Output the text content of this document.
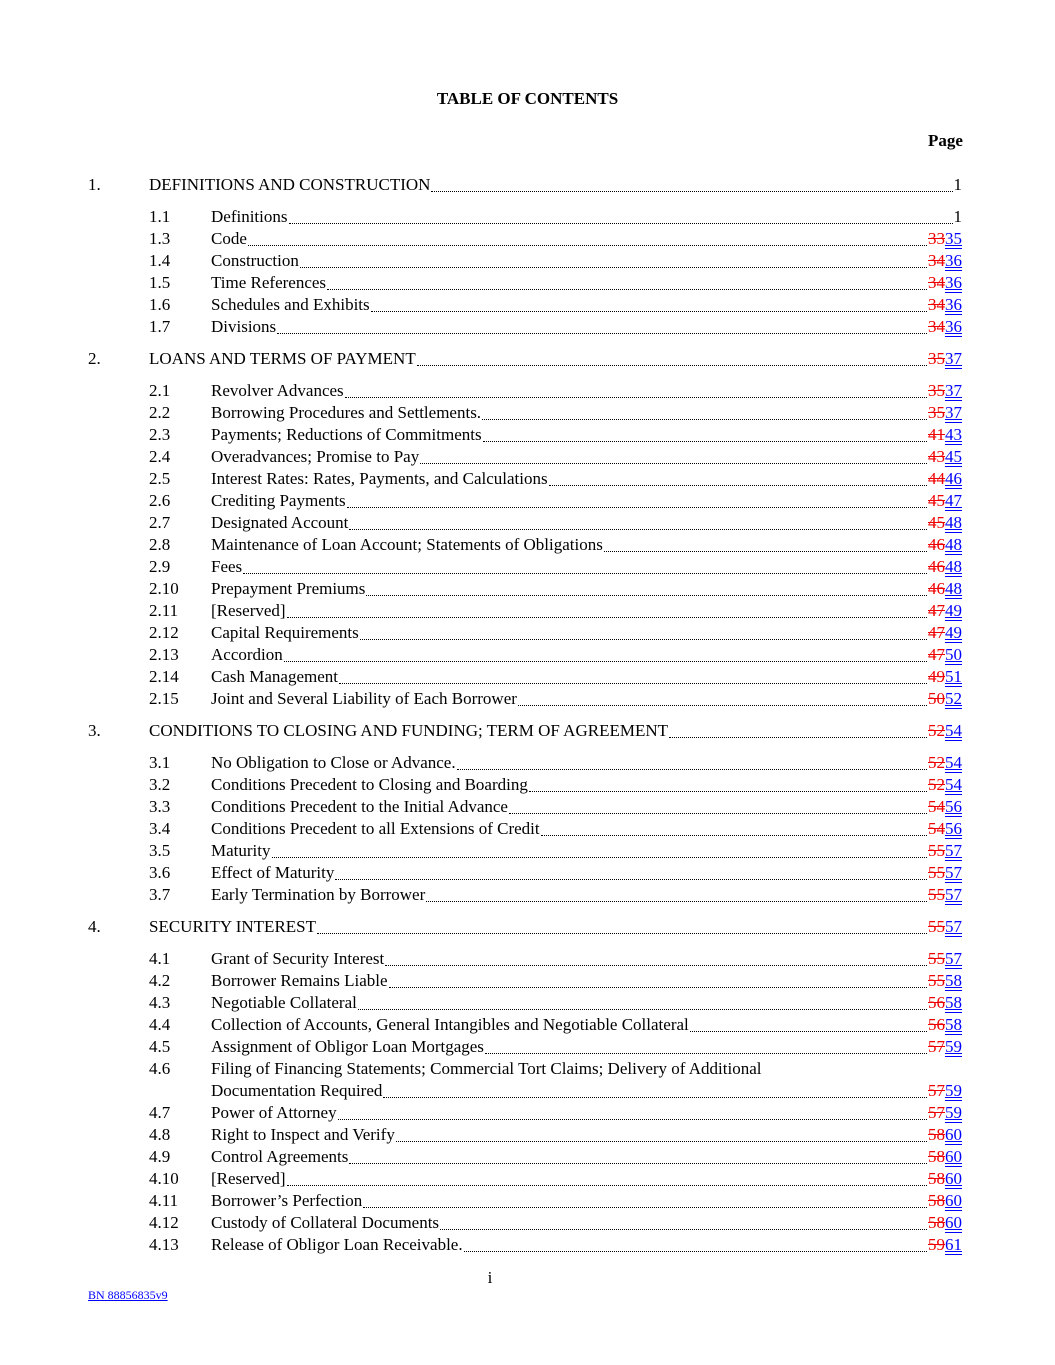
TABLE OF CONTENTS
Page
1.	DEFINITIONS AND CONSTRUCTION	1
1.1 Definitions	1
1.3 Code	3335
1.4 Construction	3436
1.5 Time References	3436
1.6 Schedules and Exhibits	3436
1.7 Divisions	3436
2.	LOANS AND TERMS OF PAYMENT	3537
2.1 Revolver Advances	3537
2.2 Borrowing Procedures and Settlements.	3537
2.3 Payments; Reductions of Commitments	4143
2.4 Overadvances; Promise to Pay	4345
2.5 Interest Rates: Rates, Payments, and Calculations	4446
2.6 Crediting Payments	4547
2.7 Designated Account	4548
2.8 Maintenance of Loan Account; Statements of Obligations	4648
2.9 Fees	4648
2.10 Prepayment Premiums	4648
2.11 [Reserved]	4749
2.12 Capital Requirements	4749
2.13 Accordion	4750
2.14 Cash Management	4951
2.15 Joint and Several Liability of Each Borrower	5052
3.	CONDITIONS TO CLOSING AND FUNDING; TERM OF AGREEMENT	5254
3.1 No Obligation to Close or Advance.	5254
3.2 Conditions Precedent to Closing and Boarding	5254
3.3 Conditions Precedent to the Initial Advance	5456
3.4 Conditions Precedent to all Extensions of Credit	5456
3.5 Maturity	5557
3.6 Effect of Maturity	5557
3.7 Early Termination by Borrower	5557
4.	SECURITY INTEREST	5557
4.1 Grant of Security Interest	5557
4.2 Borrower Remains Liable	5558
4.3 Negotiable Collateral	5658
4.4 Collection of Accounts, General Intangibles and Negotiable Collateral	5658
4.5 Assignment of Obligor Loan Mortgages	5759
4.6 Filing of Financing Statements; Commercial Tort Claims; Delivery of Additional
Documentation Required	5759
4.7 Power of Attorney	5759
4.8 Right to Inspect and Verify	5860
4.9 Control Agreements	5860
4.10 [Reserved]	5860
4.11 Borrower’s Perfection	5860
4.12 Custody of Collateral Documents	5860
4.13 Release of Obligor Loan Receivable.	5961
i
BN 88856835v9
